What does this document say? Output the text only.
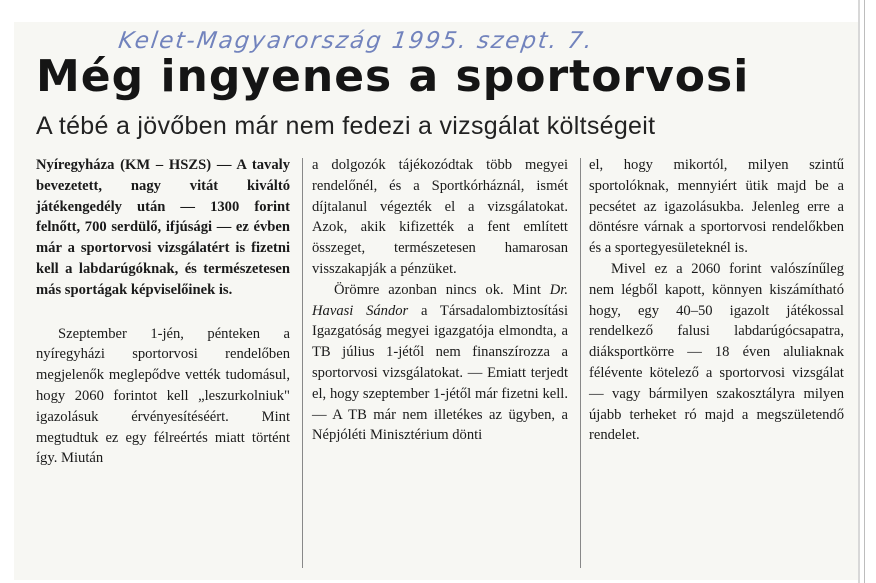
Kelet-Magyarország 1995. szept. 7.
Még ingyenes a sportorvosi
A tébé a jövőben már nem fedezi a vizsgálat költségeit

Nyíregyháza (KM – HSZS) — A tavaly bevezetett, nagy vitát kiváltó játékengedély után — 1300 forint felnőtt, 700 serdülő, ifjúsági — ez évben már a sportorvosi vizsgálatért is fizetni kell a labdarúgóknak, és természetesen más sportágak képviselőinek is.

Szeptember 1-jén, pénteken a nyíregyházi sportorvosi rendelőben megjelenők meglepődve vették tudomásul, hogy 2060 forintot kell „leszurkolniuk" igazolásuk érvényesítéséért. Mint megtudtuk ez egy félreértés miatt történt így. Miután

a dolgozók tájékozódtak több megyei rendelőnél, és a Sportkórháznál, ismét díjtalanul végezték el a vizsgálatokat. Azok, akik kifizették a fent említett összeget, természetesen hamarosan visszakapják a pénzüket.

Örömre azonban nincs ok. Mint Dr. Havasi Sándor a Társadalombiztosítási Igazgatóság megyei igazgatója elmondta, a TB július 1-jétől nem finanszírozza a sportorvosi vizsgálatokat. — Emiatt terjedt el, hogy szeptember 1-jétől már fizetni kell. — A TB már nem illetékes az ügyben, a Népjóléti Minisztérium dönti

el, hogy mikortól, milyen szintű sportolóknak, mennyiért ütik majd be a pecsétet az igazolásukba. Jelenleg erre a döntésre várnak a sportorvosi rendelőkben és a sportegyesületeknél is.

Mivel ez a 2060 forint valószínűleg nem légből kapott, könnyen kiszámítható hogy, egy 40–50 igazolt játékossal rendelkező falusi labdarúgócsapatra, diáksportkörre — 18 éven aluliaknak félévente kötelező a sportorvosi vizsgálat — vagy bármilyen szakosztályra milyen újabb terheket ró majd a megszületendő rendelet.
